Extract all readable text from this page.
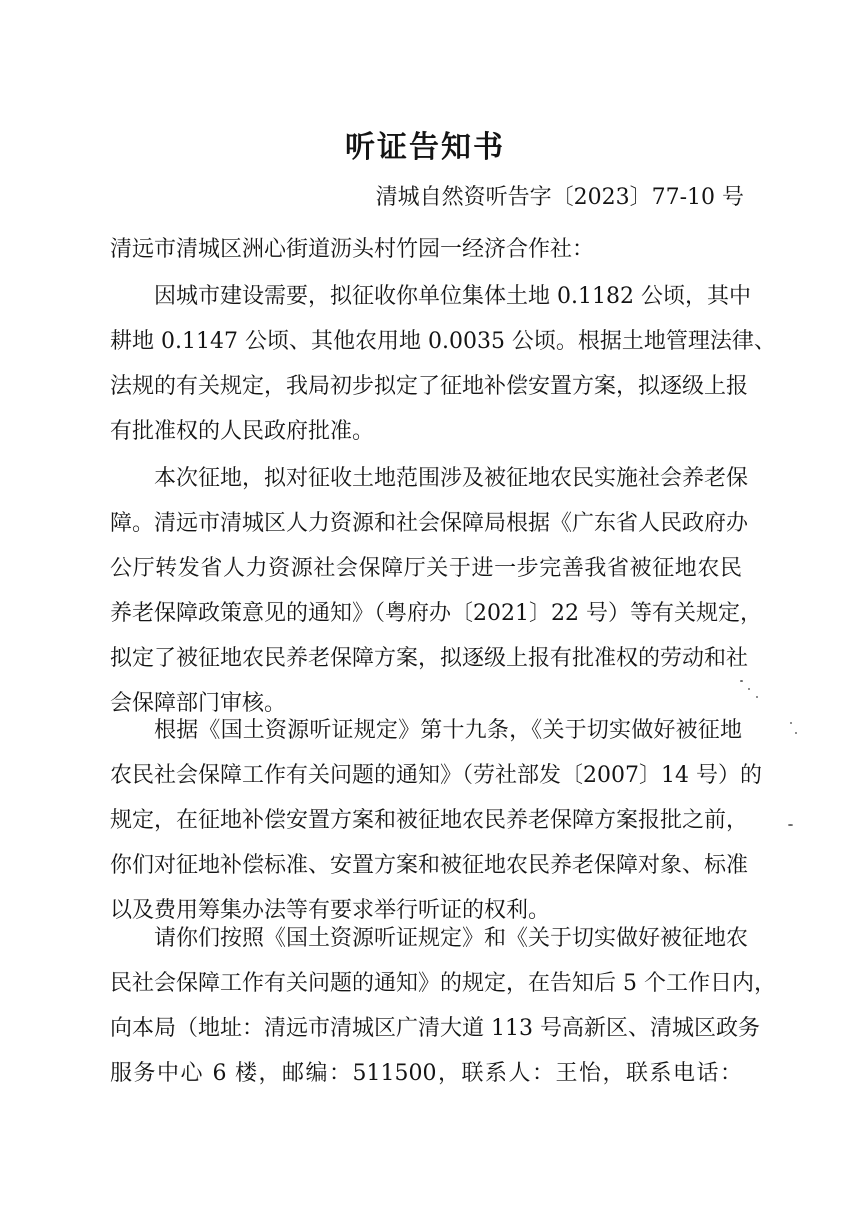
听证告知书
清城自然资听告字〔2023〕77-10 号
清远市清城区洲心街道沥头村竹园一经济合作社：

因城市建设需要，拟征收你单位集体土地 0.1182 公顷，其中
耕地 0.1147 公顷、其他农用地 0.0035 公顷。根据土地管理法律、
法规的有关规定，我局初步拟定了征地补偿安置方案，拟逐级上报
有批准权的人民政府批准。

本次征地，拟对征收土地范围涉及被征地农民实施社会养老保
障。清远市清城区人力资源和社会保障局根据《广东省人民政府办
公厅转发省人力资源社会保障厅关于进一步完善我省被征地农民
养老保障政策意见的通知》（粤府办〔2021〕22 号）等有关规定，
拟定了被征地农民养老保障方案，拟逐级上报有批准权的劳动和社
会保障部门审核。

根据《国土资源听证规定》第十九条，《关于切实做好被征地
农民社会保障工作有关问题的通知》（劳社部发〔2007〕14 号）的
规定，在征地补偿安置方案和被征地农民养老保障方案报批之前，
你们对征地补偿标准、安置方案和被征地农民养老保障对象、标准
以及费用筹集办法等有要求举行听证的权利。

请你们按照《国土资源听证规定》和《关于切实做好被征地农
民社会保障工作有关问题的通知》的规定，在告知后 5 个工作日内，
向本局（地址：清远市清城区广清大道 113 号高新区、清城区政务
服务中心 6 楼，邮编：511500，联系人：王怡，联系电话：
